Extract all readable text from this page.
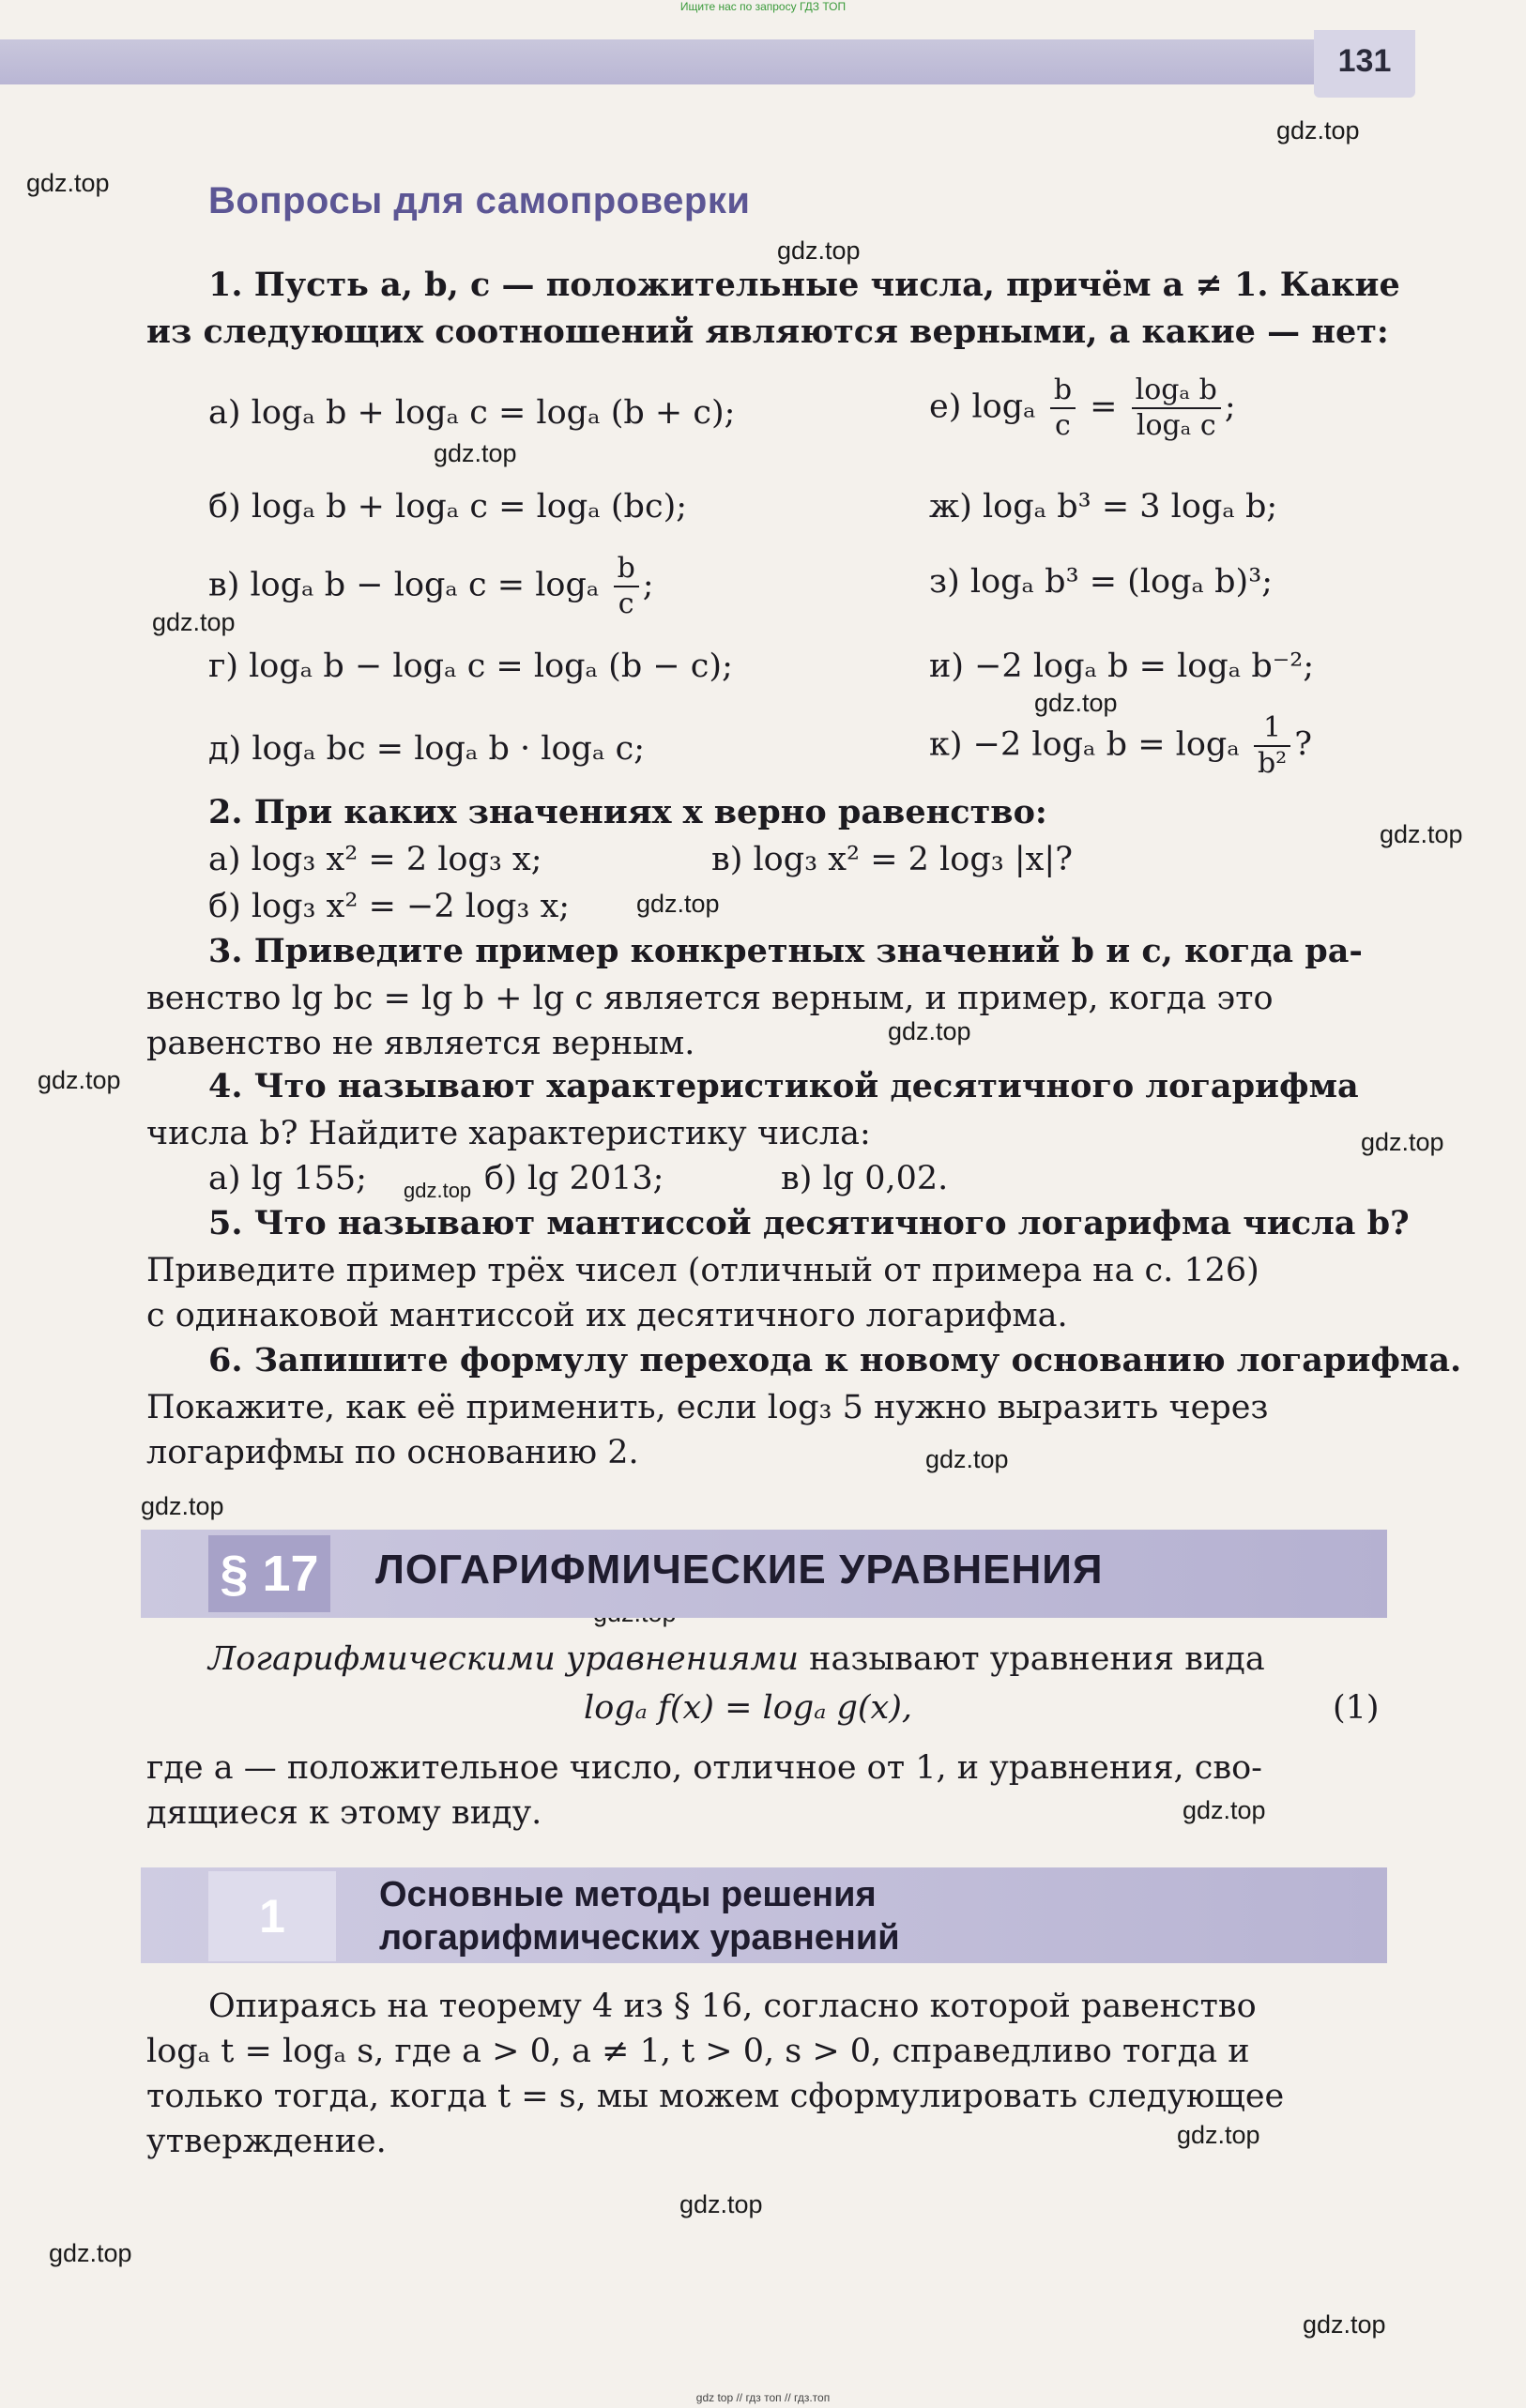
Ищите нас по запросу ГДЗ ТОП
131
gdz.top
gdz.top
gdz.top
gdz.top
gdz.top
gdz.top
gdz.top
gdz.top
gdz.top
gdz.top
gdz.top
gdz.top
gdz.top
gdz.top
gdz.top
gdz.top
gdz.top
gdz.top
gdz.top
Вопросы для самопроверки
1. Пусть a, b, c — положительные числа, причём a ≠ 1. Какие
из следующих соотношений являются верными, а какие — нет:
а) logₐ b + logₐ c = logₐ (b + c);
б) logₐ b + logₐ c = logₐ (bc);
в) logₐ b − logₐ c = logₐ $\frac{b}{c}$ ;
г) logₐ b − logₐ c = logₐ (b − c);
д) logₐ bc = logₐ b · logₐ c;
е) logₐ $\frac{b}{c} = \frac{\text{logₐ b}}{\text{logₐ c}}$ ;
ж) logₐ b³ = 3 logₐ b;
з) logₐ b³ = (logₐ b)³;
и) −2 logₐ b = logₐ b⁻²;
к) −2 logₐ b = logₐ $\frac{1}{\text{b²}}$ ?
2. При каких значениях x верно равенство:
а) log₃ x² = 2 log₃ x;
б) log₃ x² = −2 log₃ x;
в) log₃ x² = 2 log₃ |x|?
3. Приведите пример конкретных значений b и c, когда ра-
венство lg bc = lg b + lg c является верным, и пример, когда это
равенство не является верным.
4. Что называют характеристикой десятичного логарифма
числа b? Найдите характеристику числа:
а) lg 155;	б) lg 2013;	в) lg 0,02.
5. Что называют мантиссой десятичного логарифма числа b?
Приведите пример трёх чисел (отличный от примера на с. 126)
с одинаковой мантиссой их десятичного логарифма.
6. Запишите формулу перехода к новому основанию логарифма.
Покажите, как её применить, если log₃ 5 нужно выразить через
логарифмы по основанию 2.
§ 17 ЛОГАРИФМИЧЕСКИЕ УРАВНЕНИЯ
Логарифмическими уравнениями называют уравнения вида
logₐ f(x) = logₐ g(x),	(1)
где a — положительное число, отличное от 1, и уравнения, сво-
дящиеся к этому виду.
1	Основные методы решения
логарифмических уравнений
Опираясь на теорему 4 из § 16, согласно которой равенство
logₐ t = logₐ s, где a > 0, a ≠ 1, t > 0, s > 0, справедливо тогда и
только тогда, когда t = s, мы можем сформулировать следующее
утверждение.
gdz top // гдз топ // гдз.топ
